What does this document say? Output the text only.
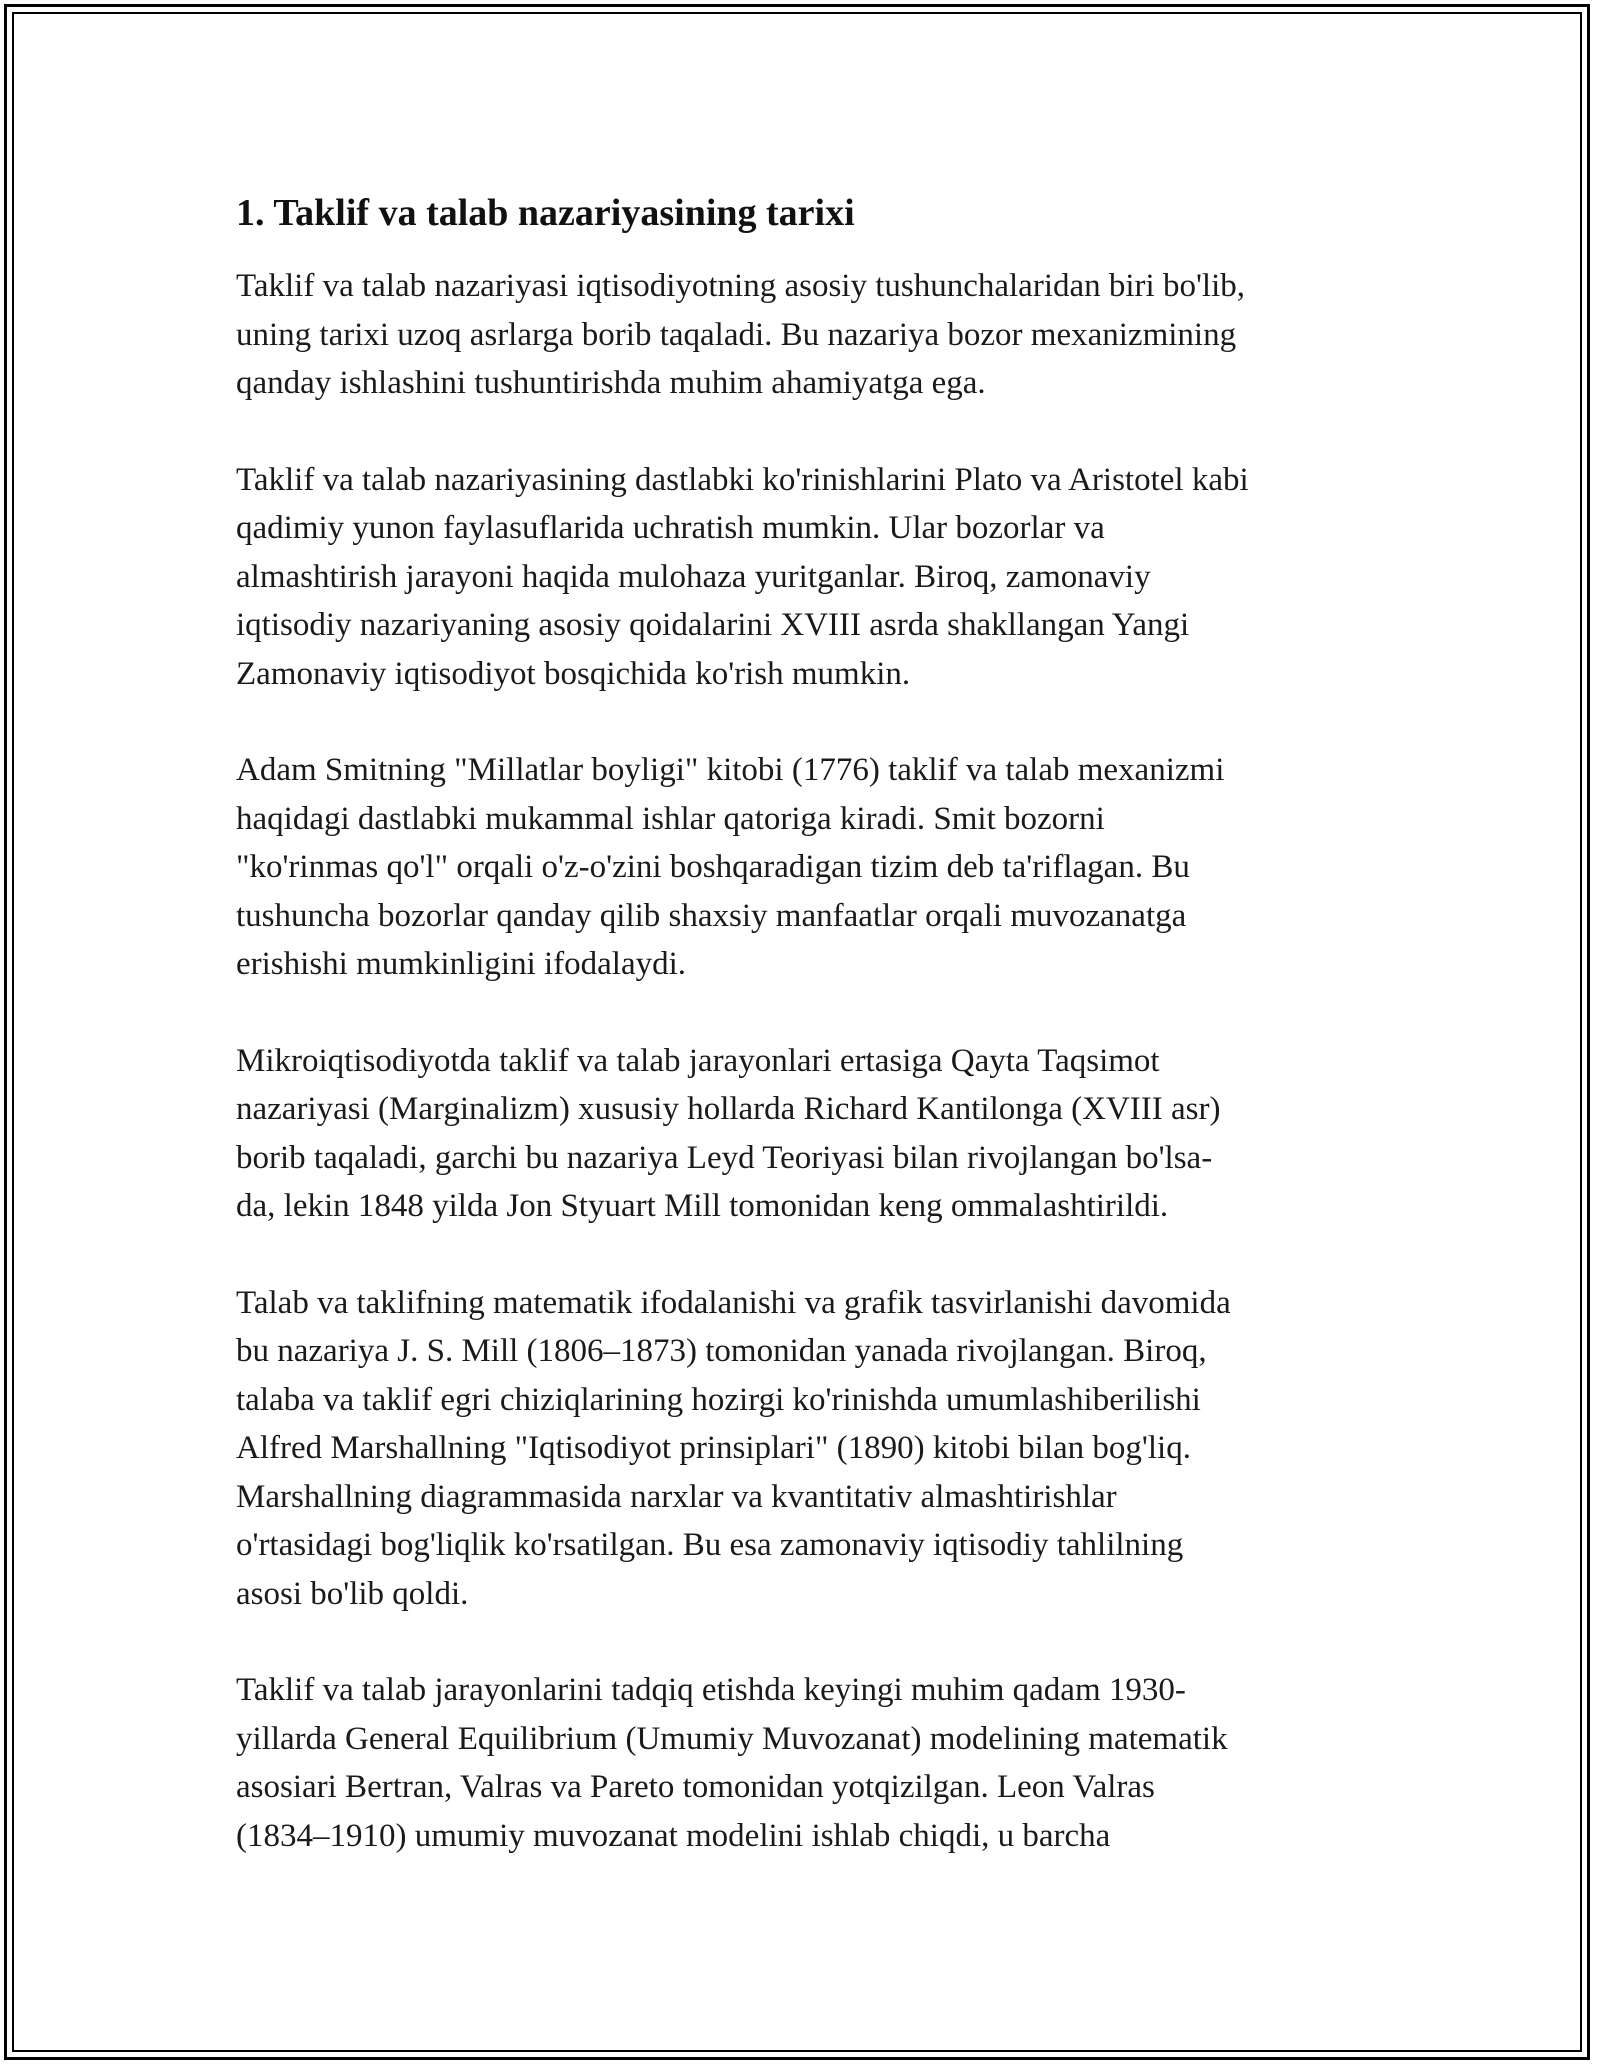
1. Taklif va talab nazariyasining tarixi

Taklif va talab nazariyasi iqtisodiyotning asosiy tushunchalaridan biri bo'lib,
uning tarixi uzoq asrlarga borib taqaladi. Bu nazariya bozor mexanizmining
qanday ishlashini tushuntirishda muhim ahamiyatga ega.

Taklif va talab nazariyasining dastlabki ko'rinishlarini Plato va Aristotel kabi
qadimiy yunon faylasuflarida uchratish mumkin. Ular bozorlar va
almashtirish jarayoni haqida mulohaza yuritganlar. Biroq, zamonaviy
iqtisodiy nazariyaning asosiy qoidalarini XVIII asrda shakllangan Yangi
Zamonaviy iqtisodiyot bosqichida ko'rish mumkin.

Adam Smitning "Millatlar boyligi" kitobi (1776) taklif va talab mexanizmi
haqidagi dastlabki mukammal ishlar qatoriga kiradi. Smit bozorni
"ko'rinmas qo'l" orqali o'z-o'zini boshqaradigan tizim deb ta'riflagan. Bu
tushuncha bozorlar qanday qilib shaxsiy manfaatlar orqali muvozanatga
erishishi mumkinligini ifodalaydi.

Mikroiqtisodiyotda taklif va talab jarayonlari ertasiga Qayta Taqsimot
nazariyasi (Marginalizm) xususiy hollarda Richard Kantilonga (XVIII asr)
borib taqaladi, garchi bu nazariya Leyd Teoriyasi bilan rivojlangan bo'lsa-
da, lekin 1848 yilda Jon Styuart Mill tomonidan keng ommalashtirildi.

Talab va taklifning matematik ifodalanishi va grafik tasvirlanishi davomida
bu nazariya J. S. Mill (1806–1873) tomonidan yanada rivojlangan. Biroq,
talaba va taklif egri chiziqlarining hozirgi ko'rinishda umumlashiberilishi
Alfred Marshallning "Iqtisodiyot prinsiplari" (1890) kitobi bilan bog'liq.
Marshallning diagrammasida narxlar va kvantitativ almashtirishlar
o'rtasidagi bog'liqlik ko'rsatilgan. Bu esa zamonaviy iqtisodiy tahlilning
asosi bo'lib qoldi.

Taklif va talab jarayonlarini tadqiq etishda keyingi muhim qadam 1930-
yillarda General Equilibrium (Umumiy Muvozanat) modelining matematik
asosiari Bertran, Valras va Pareto tomonidan yotqizilgan. Leon Valras
(1834–1910) umumiy muvozanat modelini ishlab chiqdi, u barcha
